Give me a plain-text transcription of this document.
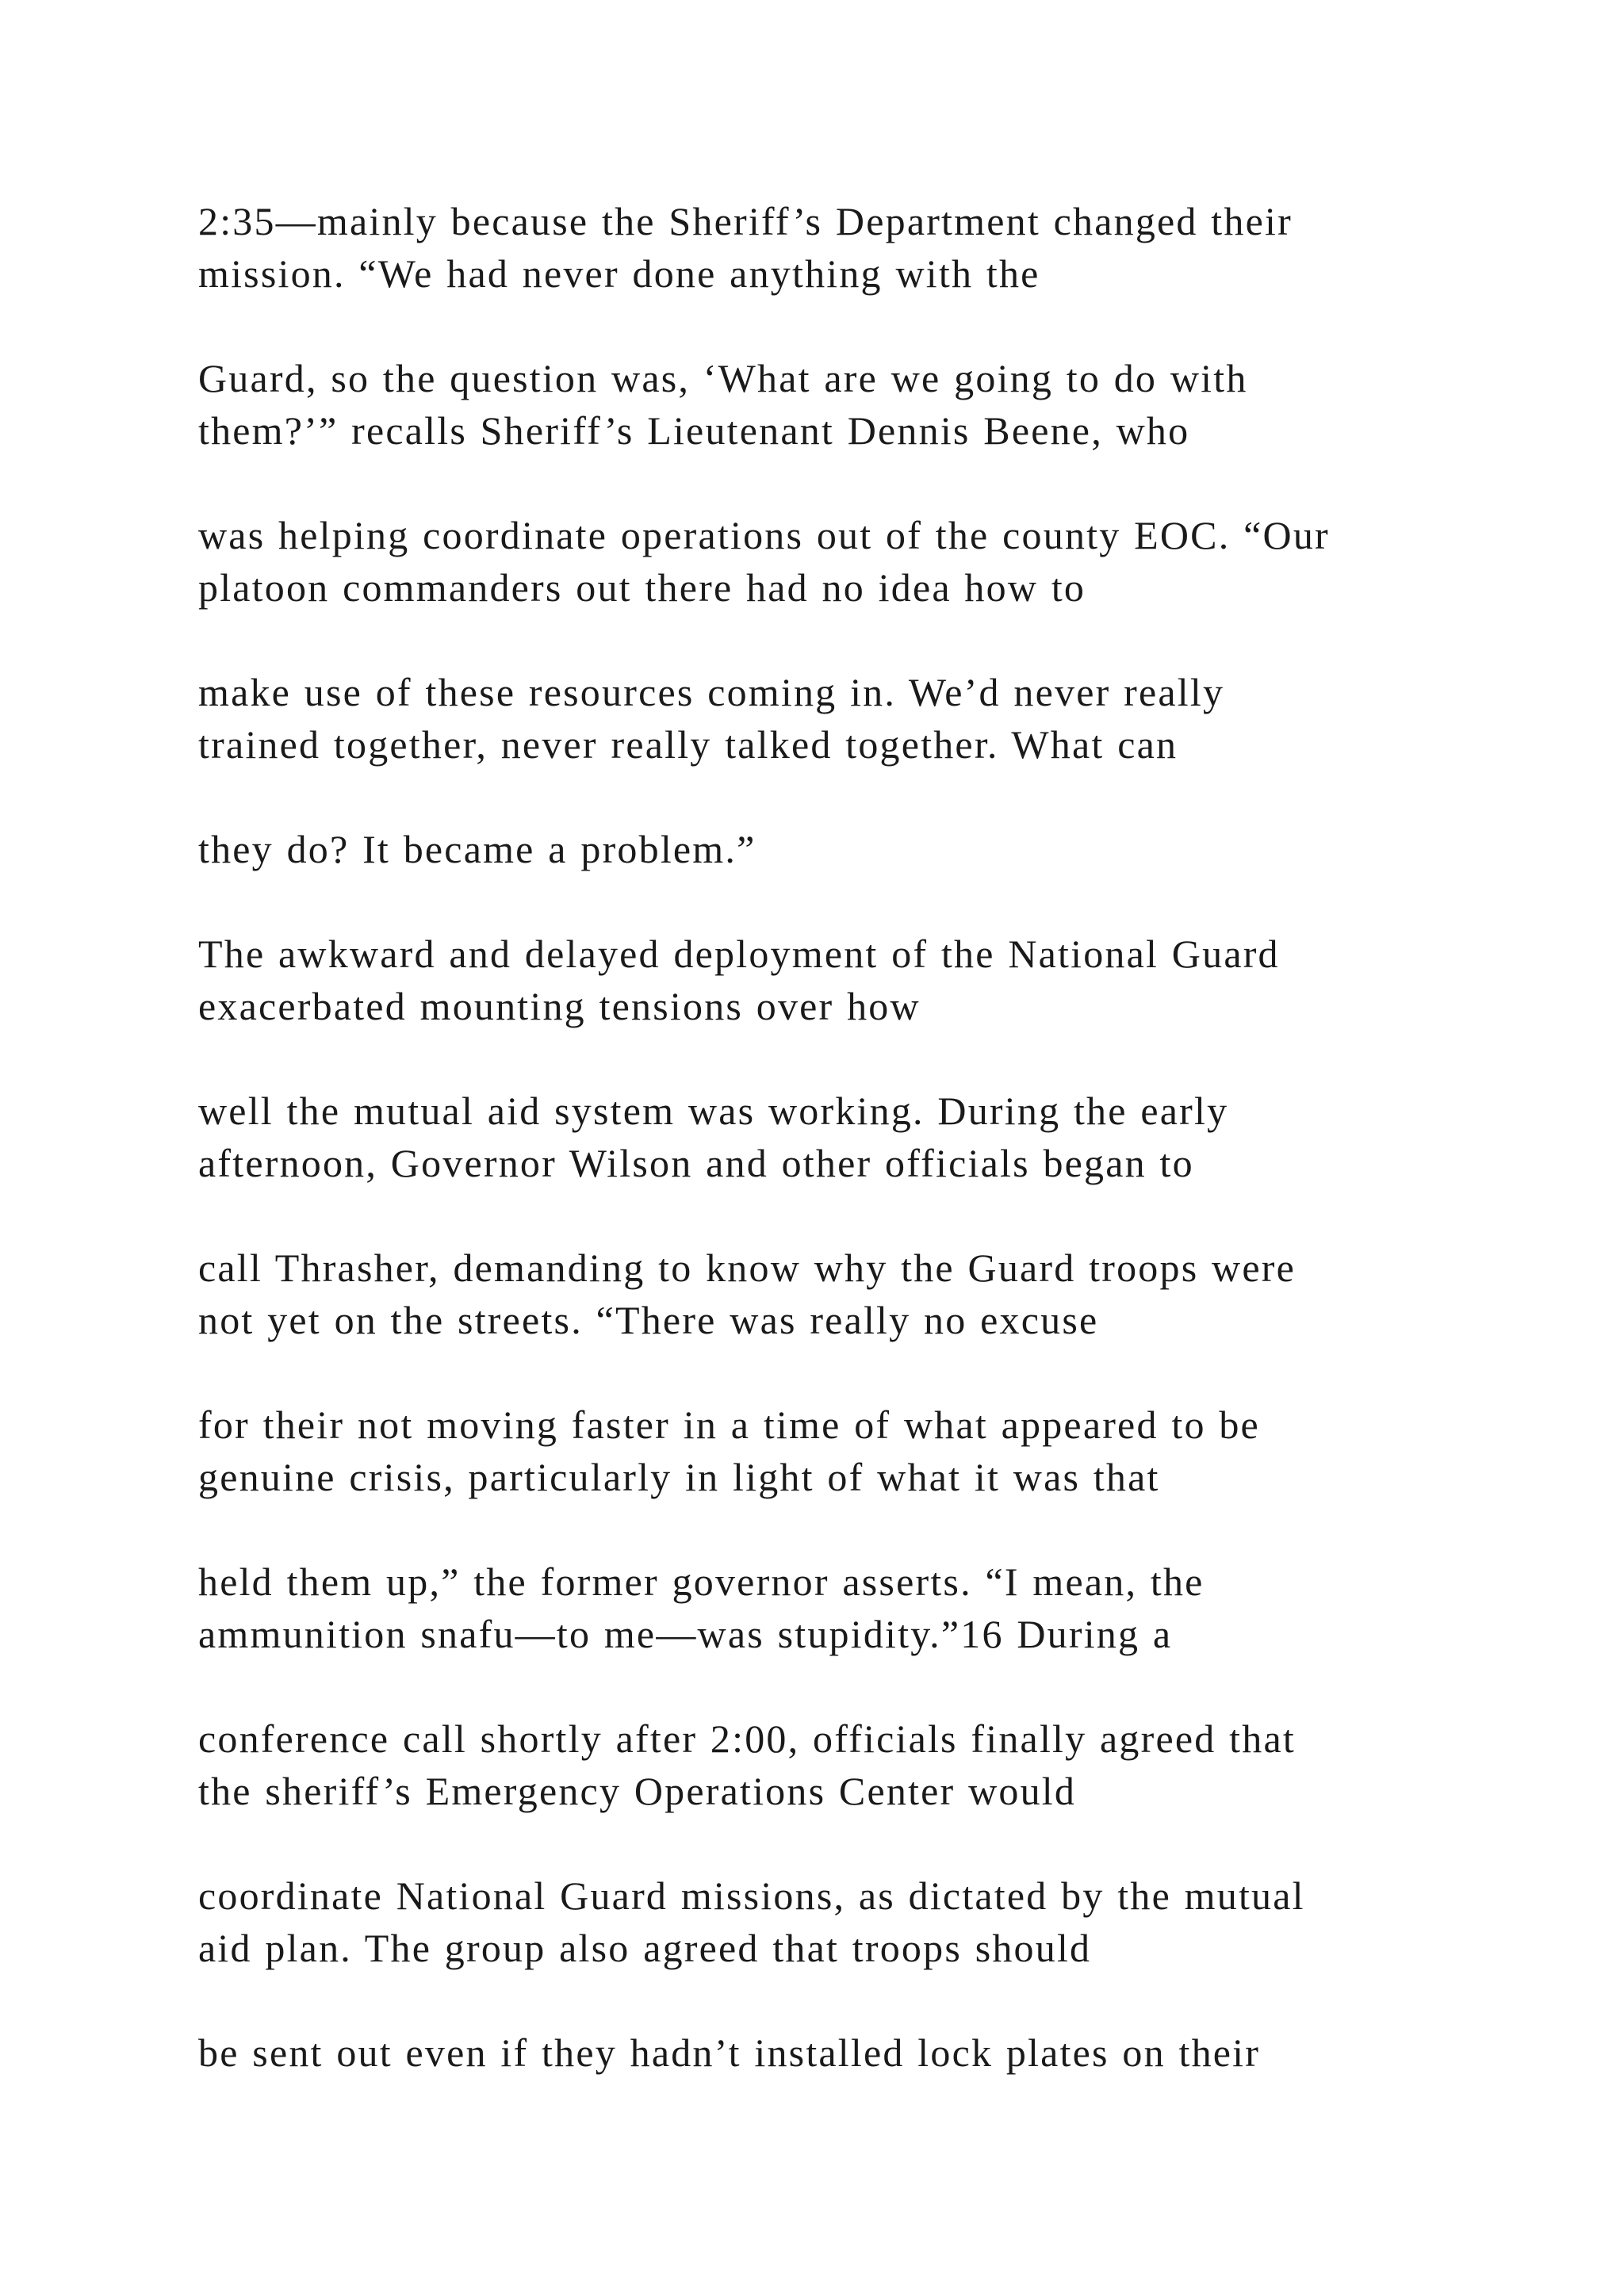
2:35—mainly because the Sheriff’s Department changed their
mission. “We had never done anything with the

Guard, so the question was, ‘What are we going to do with
them?’” recalls Sheriff’s Lieutenant Dennis Beene, who

was helping coordinate operations out of the county EOC. “Our
platoon commanders out there had no idea how to

make use of these resources coming in. We’d never really
trained together, never really talked together. What can

they do? It became a problem.”

The awkward and delayed deployment of the National Guard
exacerbated mounting tensions over how

well the mutual aid system was working. During the early
afternoon, Governor Wilson and other officials began to

call Thrasher, demanding to know why the Guard troops were
not yet on the streets. “There was really no excuse

for their not moving faster in a time of what appeared to be
genuine crisis, particularly in light of what it was that

held them up,” the former governor asserts. “I mean, the
ammunition snafu—to me—was stupidity.”16 During a

conference call shortly after 2:00, officials finally agreed that
the sheriff’s Emergency Operations Center would

coordinate National Guard missions, as dictated by the mutual
aid plan. The group also agreed that troops should

be sent out even if they hadn’t installed lock plates on their
